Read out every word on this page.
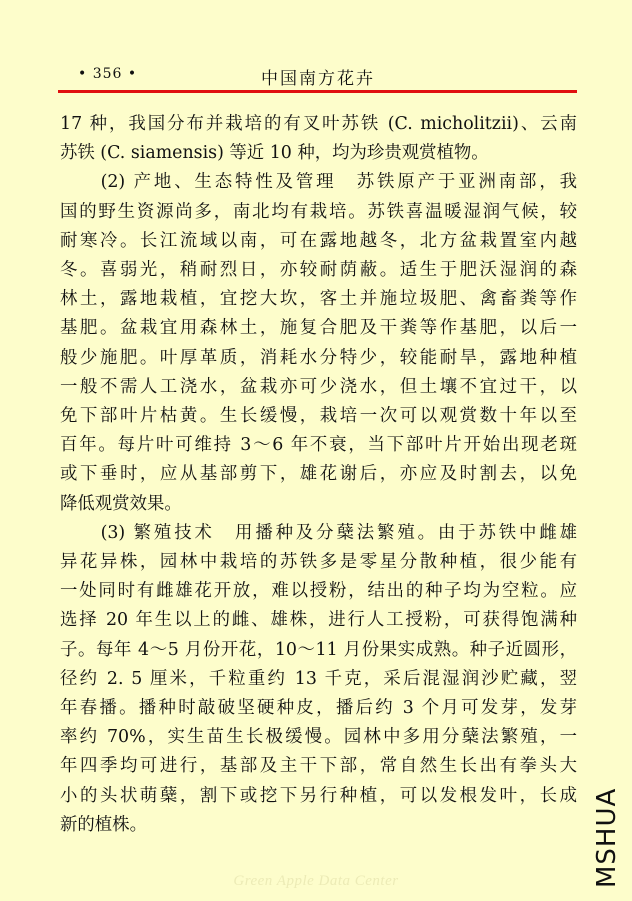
• 356 •	中国南方花卉
17 种，我国分布并栽培的有叉叶苏铁 (C. micholitzii)、云南
苏铁 (C. siamensis) 等近 10 种，均为珍贵观赏植物。
　　(2) 产地、生态特性及管理　苏铁原产于亚洲南部，我
国的野生资源尚多，南北均有栽培。苏铁喜温暖湿润气候，较
耐寒冷。长江流域以南，可在露地越冬，北方盆栽置室内越
冬。喜弱光，稍耐烈日，亦较耐荫蔽。适生于肥沃湿润的森
林土，露地栽植，宜挖大坎，客土并施垃圾肥、禽畜粪等作
基肥。盆栽宜用森林土，施复合肥及干粪等作基肥，以后一
般少施肥。叶厚革质，消耗水分特少，较能耐旱，露地种植
一般不需人工浇水，盆栽亦可少浇水，但土壤不宜过干，以
免下部叶片枯黄。生长缓慢，栽培一次可以观赏数十年以至
百年。每片叶可维持 3～6 年不衰，当下部叶片开始出现老斑
或下垂时，应从基部剪下，雄花谢后，亦应及时割去，以免
降低观赏效果。
　　(3) 繁殖技术　用播种及分蘖法繁殖。由于苏铁中雌雄
异花异株，园林中栽培的苏铁多是零星分散种植，很少能有
一处同时有雌雄花开放，难以授粉，结出的种子均为空粒。应
选择 20 年生以上的雌、雄株，进行人工授粉，可获得饱满种
子。每年 4～5 月份开花，10～11 月份果实成熟。种子近圆形，
径约 2. 5 厘米，千粒重约 13 千克，采后混湿润沙贮藏，翌
年春播。播种时敲破坚硬种皮，播后约 3 个月可发芽，发芽
率约 70%，实生苗生长极缓慢。园林中多用分蘖法繁殖，一
年四季均可进行，基部及主干下部，常自然生长出有拳头大
小的头状萌蘖，割下或挖下另行种植，可以发根发叶，长成
新的植株。
Green Apple Data Center	MSHUA
